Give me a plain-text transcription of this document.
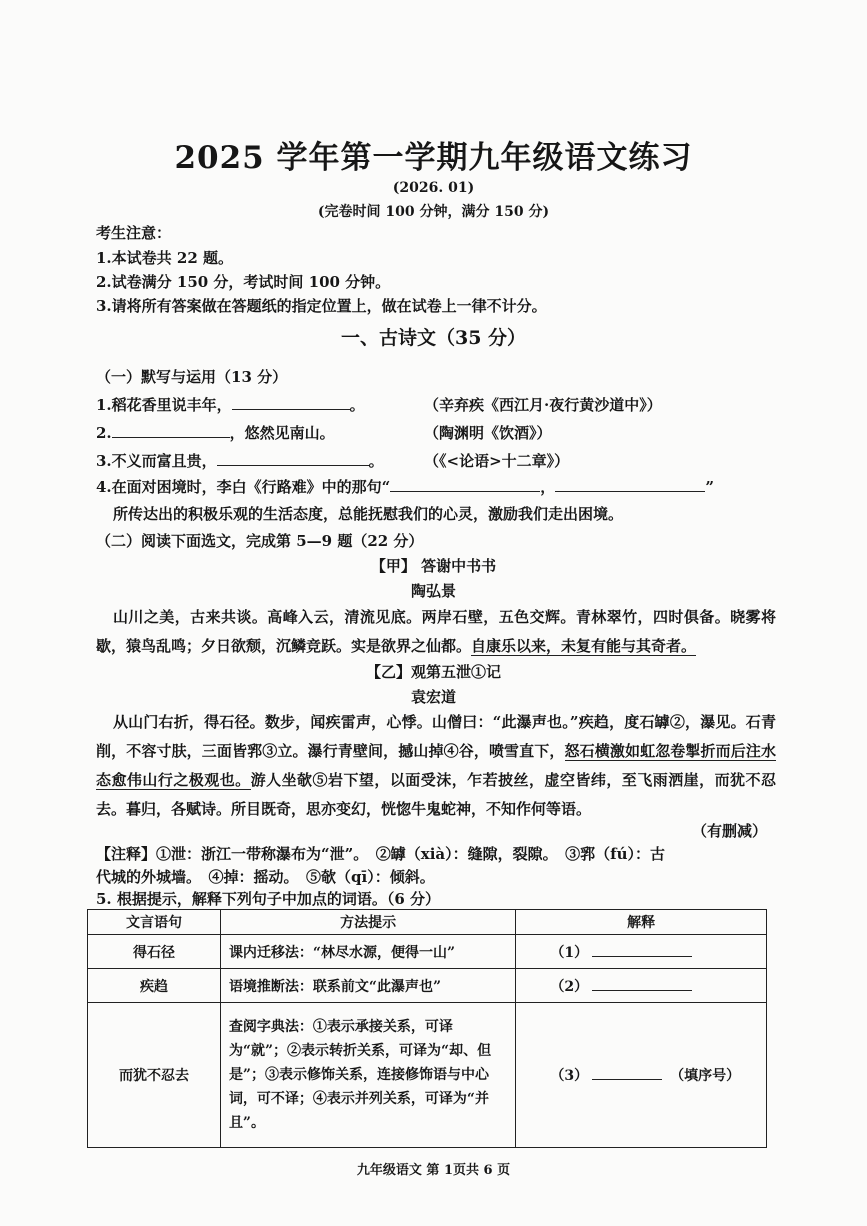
2025 学年第一学期九年级语文练习
(2026. 01)
(完卷时间 100 分钟，满分 150 分)
考生注意：
1.本试卷共 22 题。
2.试卷满分 150 分，考试时间 100 分钟。
3.请将所有答案做在答题纸的指定位置上，做在试卷上一律不计分。
一、古诗文（35 分）
（一）默写与运用（13 分）
1.稻花香里说丰年，	。	（辛弃疾《西江月·夜行黄沙道中》）
2.	，悠然见南山。	（陶渊明《饮酒》）
3.不义而富且贵，	。	（《<论语>十二章》）
4.在面对困境时，李白《行路难》中的那句“	，	”
所传达出的积极乐观的生活态度，总能抚慰我们的心灵，激励我们走出困境。
（二）阅读下面选文，完成第 5—9 题（22 分）
【甲】 答谢中书书
陶弘景
山川之美，古来共谈。高峰入云，清流见底。两岸石壁，五色交辉。青林翠竹，四时俱备。晓雾将歇，猿鸟乱鸣；夕日欲颓，沉鳞竞跃。实是欲界之仙都。自康乐以来，未复有能与其奇者。
【乙】观第五泄①记
袁宏道
从山门右折，得石径。数步，闻疾雷声，心悸。山僧曰：“此瀑声也。”疾趋，度石罅②，瀑见。石青削，不容寸肤，三面皆郛③立。瀑行青壁间，撼山掉④谷，喷雪直下，怒石横激如虹忽卷掣折而后注水态愈伟山行之极观也。游人坐欹⑤岩下望，以面受沫，乍若披丝，虚空皆纬，至飞雨洒崖，而犹不忍去。暮归，各赋诗。所目既奇，思亦变幻，恍惚牛鬼蛇神，不知作何等语。
（有删减）
【注释】①泄：浙江一带称瀑布为“泄”。　②罅（xià）：缝隙，裂隙。　③郛（fú）：古
代城的外城墙。　④掉：摇动。　⑤欹（qī）：倾斜。
5. 根据提示，解释下列句子中加点的词语。（6 分）
文言语句	方法提示	解释
得石径	课内迁移法：“林尽水源，便得一山”	（1）
疾趋	语境推断法：联系前文“此瀑声也”	（2）
而犹不忍去	查阅字典法：①表示承接关系，可译为“就”；②表示转折关系，可译为“却、但是”；③表示修饰关系，连接修饰语与中心词，可不译；④表示并列关系，可译为“并且”。	（3） （填序号）
九年级语文 第 1页共 6 页
